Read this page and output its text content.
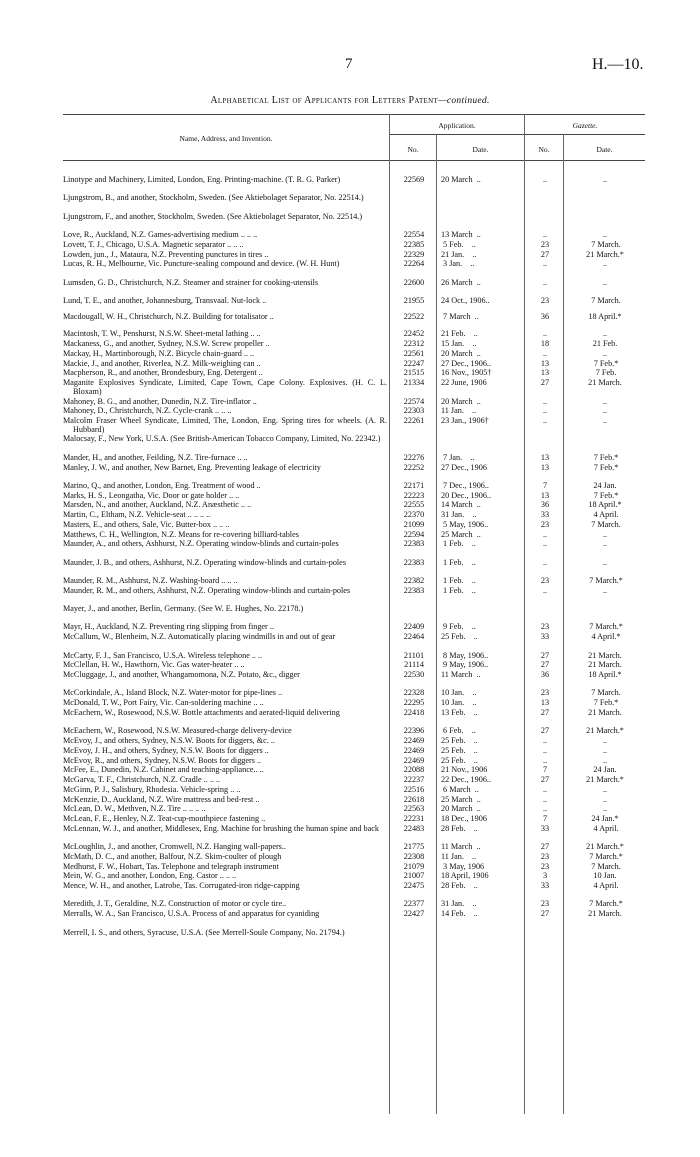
7	H.—10.
Alphabetical List of Applicants for Letters Patent—continued.
Name, Address, and Invention.
Application.	Gazette.
No.	Date.	No.	Date.
Linotype and Machinery, Limited, London, Eng. Printing-machine. (T. R. G. Parker)	22569	20 March  ..	..	..
Ljungstrom, B., and another, Stockholm, Sweden. (See Aktiebolaget Separator, No. 22514.)
Ljungstrom, F., and another, Stockholm, Sweden. (See Aktiebolaget Separator, No. 22514.)
Love, R., Auckland, N.Z. Games-advertising medium .. .. ..	22554	13 March  ..	..	..
Lovett, T. J., Chicago, U.S.A. Magnetic separator .. .. ..	22385	5 Feb.    ..	23	7 March.
Lowden, jun., J., Mataura, N.Z. Preventing punctures in tires ..	22329	21 Jan.    ..	27	21 March.*
Lucas, R. H., Melbourne, Vic. Puncture-sealing compound and device. (W. H. Hunt)	22264	3 Jan.    ..	..	..
Lumsden, G. D., Christchurch, N.Z. Steamer and strainer for cooking-utensils	22600	26 March  ..	..	..
Lund, T. E., and another, Johannesburg, Transvaal. Nut-lock ..	21955	24 Oct., 1906..	23	7 March.
Macdougall, W. H., Christchurch, N.Z. Building for totalisator ..	22522	7 March  ..	36	18 April.*
Macintosh, T. W., Penshurst, N.S.W. Sheet-metal lathing .. ..	22452	21 Feb.    ..	..	..
Mackaness, G., and another, Sydney, N.S.W. Screw propeller ..	22312	15 Jan.    ..	18	21 Feb.
Mackay, H., Martinborough, N.Z. Bicycle chain-guard .. ..	22561	20 March  ..	..	..
Mackie, J., and another, Riverlea, N.Z. Milk-weighing can ..	22247	27 Dec., 1906..	13	7 Feb.*
Macpherson, R., and another, Brondesbury, Eng. Detergent ..	21515	16 Nov., 1905†	13	7 Feb.
Maganite Explosives Syndicate, Limited, Cape Town, Cape Colony. Explosives. (H. C. L. Bloxam)
21334	22 June, 1906	27	21 March.
Mahoney, B. G., and another, Dunedin, N.Z. Tire-inflator ..	22574	20 March  ..	..	..
Mahoney, D., Christchurch, N.Z. Cycle-crank .. .. ..	22303	11 Jan.    ..	..	..
Malcolm Fraser Wheel Syndicate, Limited, The, London, Eng. Spring tires for wheels. (A. R. Hubbard)
22261	23 Jan., 1906†	..	..
Malocsay, F., New York, U.S.A. (See British-American Tobacco Company, Limited, No. 22342.)
Mander, H., and another, Feilding, N.Z. Tire-furnace .. ..	22276	7 Jan.    ..	13	7 Feb.*
Manley, J. W., and another, New Barnet, Eng. Preventing leakage of electricity	22252	27 Dec., 1906	13	7 Feb.*
Marino, Q., and another, London, Eng. Treatment of wood ..	22171	7 Dec., 1906..	7	24 Jan.
Marks, H. S., Leongatha, Vic. Door or gate holder .. ..	22223	20 Dec., 1906..	13	7 Feb.*
Marsden, N., and another, Auckland, N.Z. Anæsthetic .. ..	22555	14 March  ..	36	18 April.*
Martin, C., Eltham, N.Z. Vehicle-seat .. .. .. ..	22370	31 Jan.    ..	33	4 April.
Masters, E., and others, Sale, Vic. Butter-box .. .. ..	21099	5 May, 1906..	23	7 March.
Matthews, C. H., Wellington, N.Z. Means for re-covering billiard-tables	22594	25 March  ..	..	..
Maunder, A., and others, Ashhurst, N.Z. Operating window-blinds and curtain-poles	22383	1 Feb.    ..	..	..
Maunder, J. B., and others, Ashhurst, N.Z. Operating window-blinds and curtain-poles	22383	1 Feb.    ..	..	..
Maunder, R. M., Ashhurst, N.Z. Washing-board .. .. ..	22382	1 Feb.    ..	23	7 March.*
Maunder, R. M., and others, Ashhurst, N.Z. Operating window-blinds and curtain-poles	22383	1 Feb.    ..	..	..
Mayer, J., and another, Berlin, Germany. (See W. E. Hughes, No. 22178.)
Mayr, H., Auckland, N.Z. Preventing ring slipping from finger ..	22409	9 Feb.    ..	23	7 March.*
McCallum, W., Blenheim, N.Z. Automatically placing windmills in and out of gear	22464	25 Feb.    ..	33	4 April.*
McCarty, F. J., San Francisco, U.S.A. Wireless telephone .. ..	21101	8 May, 1906..	27	21 March.
McClellan, H. W., Hawthorn, Vic. Gas water-heater .. ..	21114	9 May, 1906..	27	21 March.
McCluggage, J., and another, Whangamomona, N.Z. Potato, &c., digger	22530	11 March  ..	36	18 April.*
McCorkindale, A., Island Block, N.Z. Water-motor for pipe-lines ..	22328	10 Jan.    ..	23	7 March.
McDonald, T. W., Port Fairy, Vic. Can-soldering machine .. ..	22295	10 Jan.    ..	13	7 Feb.*
McEachern, W., Rosewood, N.S.W. Bottle attachments and aerated-liquid delivering	22418	13 Feb.    ..	27	21 March.
McEachern, W., Rosewood, N.S.W. Measured-charge delivery-device	22396	6 Feb.    ..	27	21 March.*
McEvoy, J., and others, Sydney, N.S.W. Boots for diggers, &c. ..	22469	25 Feb.    ..	..	..
McEvoy, J. H., and others, Sydney, N.S.W. Boots for diggers ..	22469	25 Feb.    ..	..	..
McEvoy, R., and others, Sydney, N.S.W. Boots for diggers ..	22469	25 Feb.    ..	..	..
McFee, E., Dunedin, N.Z. Cabinet and teaching-appliance.. ..	22088	21 Nov., 1906	7	24 Jan.
McGarva, T. F., Christchurch, N.Z. Cradle .. .. ..	22237	22 Dec., 1906..	27	21 March.*
McGinn, P. J., Salisbury, Rhodesia. Vehicle-spring .. ..	22516	6 March  ..	..	..
McKenzie, D., Auckland, N.Z. Wire mattress and bed-rest ..	22618	25 March  ..	..	..
McLean, D. W., Methven, N.Z. Tire .. .. .. ..	22563	20 March  ..	..	..
McLean, F. E., Henley, N.Z. Teat-cup-mouthpiece fastening ..	22231	18 Dec., 1906	7	24 Jan.*
McLennan, W. J., and another, Middlesex, Eng. Machine for brushing the human spine and back	22483	28 Feb.    ..	33	4 April.
McLoughlin, J., and another, Cromwell, N.Z. Hanging wall-papers..	21775	11 March  ..	27	21 March.*
McMath, D. C., and another, Balfour, N.Z. Skim-coulter of plough	22308	11 Jan.    ..	23	7 March.*
Medhurst, F. W., Hobart, Tas. Telephone and telegraph instrument	21079	3 May, 1906	23	7 March.
Mein, W. G., and another, London, Eng. Castor .. .. ..	21007	18 April, 1906	3	10 Jan.
Mence, W. H., and another, Latrobe, Tas. Corrugated-iron ridge-capping	22475	28 Feb.    ..	33	4 April.
Meredith, J. T., Geraldine, N.Z. Construction of motor or cycle tire..	22377	31 Jan.    ..	23	7 March.*
Merralls, W. A., San Francisco, U.S.A. Process of and apparatus for cyaniding	22427	14 Feb.    ..	27	21 March.
Merrell, I. S., and others, Syracuse, U.S.A. (See Merrell-Soule Company, No. 21794.)
